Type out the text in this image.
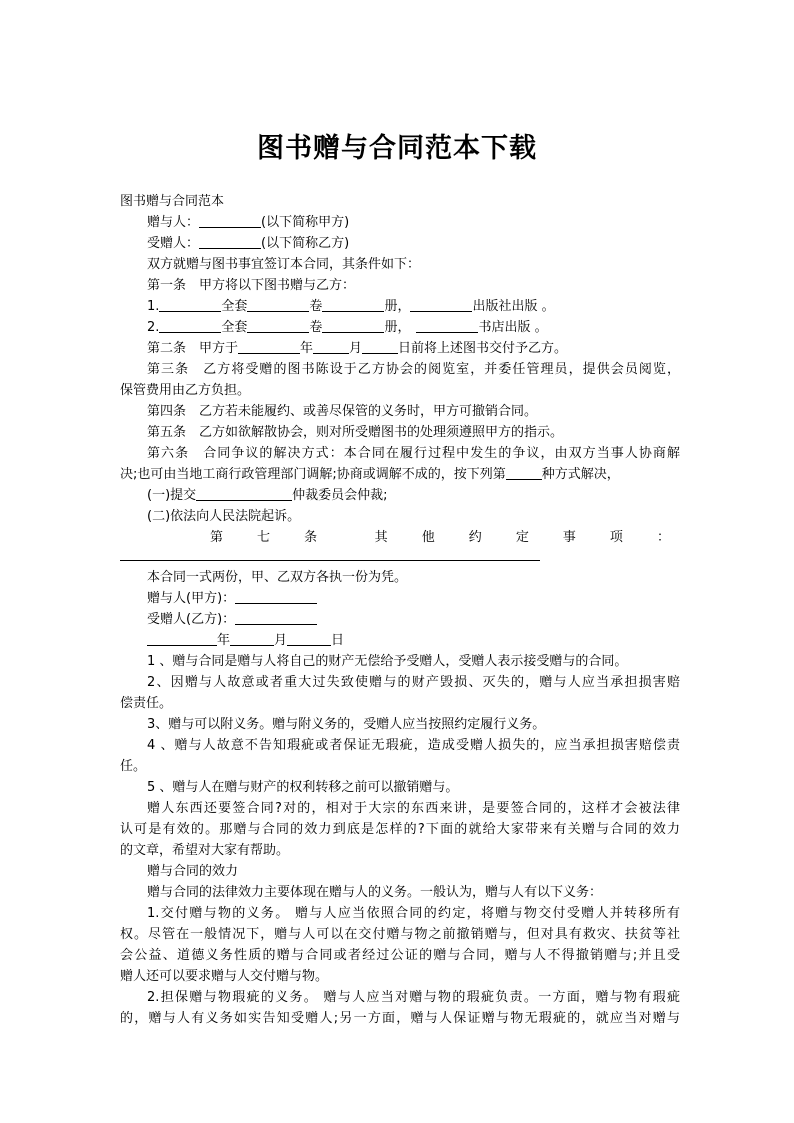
图书赠与合同范本下载
图书赠与合同范本
赠与人：	(以下简称甲方)
受赠人：	(以下简称乙方)
双方就赠与图书事宜签订本合同，其条件如下：
第一条　甲方将以下图书赠与乙方：
1.	全套	卷	册，	出版社出版 。
2.	全套	卷	册，	书店出版 。
第二条　甲方于	年	月	日前将上述图书交付予乙方。
第三条　乙方将受赠的图书陈设于乙方协会的阅览室，并委任管理员，提供会员阅览，
保管费用由乙方负担。
第四条　乙方若未能履约、或善尽保管的义务时，甲方可撤销合同。
第五条　乙方如欲解散协会，则对所受赠图书的处理须遵照甲方的指示。
第六条　合同争议的解决方式：本合同在履行过程中发生的争议，由双方当事人协商解
决;也可由当地工商行政管理部门调解;协商或调解不成的，按下列第	种方式解决，
(一)提交	仲裁委员会仲裁;
(二)依法向人民法院起诉。
第　七　条　　其　他　约　定　事　项　：
本合同一式两份，甲、乙双方各执一份为凭。
赠与人(甲方)：
受赠人(乙方)：
年	月	日
1 、赠与合同是赠与人将自己的财产无偿给予受赠人，受赠人表示接受赠与的合同。
2、因赠与人故意或者重大过失致使赠与的财产毁损、灭失的，赠与人应当承担损害赔
偿责任。
3、赠与可以附义务。赠与附义务的，受赠人应当按照约定履行义务。
4 、赠与人故意不告知瑕疵或者保证无瑕疵，造成受赠人损失的，应当承担损害赔偿责
任。
5 、赠与人在赠与财产的权利转移之前可以撤销赠与。
赠人东西还要签合同?对的，相对于大宗的东西来讲，是要签合同的，这样才会被法律
认可是有效的。那赠与合同的效力到底是怎样的?下面的就给大家带来有关赠与合同的效力
的文章，希望对大家有帮助。
赠与合同的效力
赠与合同的法律效力主要体现在赠与人的义务。一般认为，赠与人有以下义务：
1.交付赠与物的义务。 赠与人应当依照合同的约定，将赠与物交付受赠人并转移所有
权。尽管在一般情况下，赠与人可以在交付赠与物之前撤销赠与，但对具有救灾、扶贫等社
会公益、道德义务性质的赠与合同或者经过公证的赠与合同，赠与人不得撤销赠与;并且受
赠人还可以要求赠与人交付赠与物。
2.担保赠与物瑕疵的义务。 赠与人应当对赠与物的瑕疵负责。一方面，赠与物有瑕疵
的，赠与人有义务如实告知受赠人;另一方面，赠与人保证赠与物无瑕疵的，就应当对赠与
